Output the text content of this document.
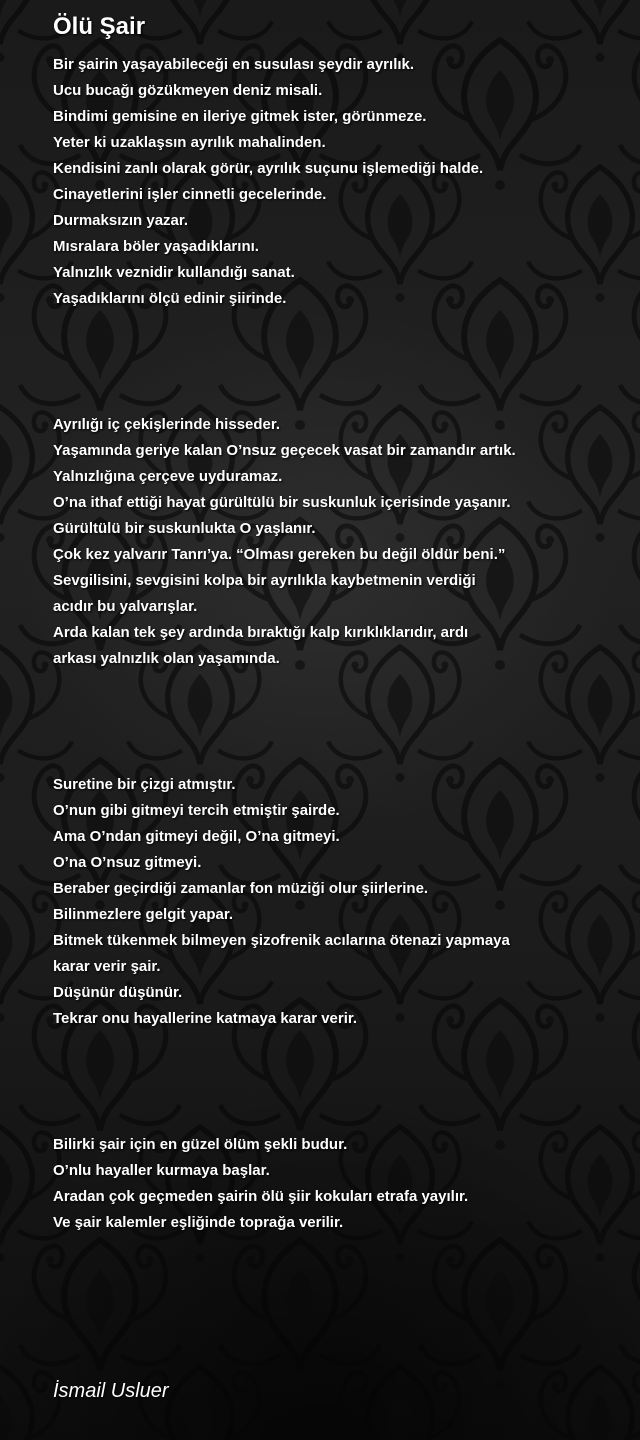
Ölü Şair
Bir şairin yaşayabileceği en susulası şeydir ayrılık.
Ucu bucağı gözükmeyen deniz misali.
Bindimi gemisine en ileriye gitmek ister, görünmeze.
Yeter ki uzaklaşsın ayrılık mahalinden.
Kendisini zanlı olarak görür, ayrılık suçunu işlemediği halde.
Cinayetlerini işler cinnetli gecelerinde.
Durmaksızın yazar.
Mısralara böler yaşadıklarını.
Yalnızlık veznidir kullandığı sanat.
Yaşadıklarını ölçü edinir şiirinde.
Ayrılığı iç çekişlerinde hisseder.
Yaşamında geriye kalan O’nsuz geçecek vasat bir zamandır artık.
Yalnızlığına çerçeve uyduramaz.
O’na ithaf ettiği hayat gürültülü bir suskunluk içerisinde yaşanır.
Gürültülü bir suskunlukta O yaşlanır.
Çok kez yalvarır Tanrı’ya. “Olması gereken bu değil öldür beni.”
Sevgilisini, sevgisini kolpa bir ayrılıkla kaybetmenin verdiği
acıdır bu yalvarışlar.
Arda kalan tek şey ardında bıraktığı kalp kırıklıklarıdır, ardı
arkası yalnızlık olan yaşamında.
Suretine bir çizgi atmıştır.
O’nun gibi gitmeyi tercih etmiştir şairde.
Ama O’ndan gitmeyi değil, O’na gitmeyi.
O’na O’nsuz gitmeyi.
Beraber geçirdiği zamanlar fon müziği olur şiirlerine.
Bilinmezlere gelgit yapar.
Bitmek tükenmek bilmeyen şizofrenik acılarına ötenazi yapmaya
karar verir şair.
Düşünür düşünür.
Tekrar onu hayallerine katmaya karar verir.
Bilirki şair için en güzel ölüm şekli budur.
O’nlu hayaller kurmaya başlar.
Aradan çok geçmeden şairin ölü şiir kokuları etrafa yayılır.
Ve şair kalemler eşliğinde toprağa verilir.
İsmail Usluer
